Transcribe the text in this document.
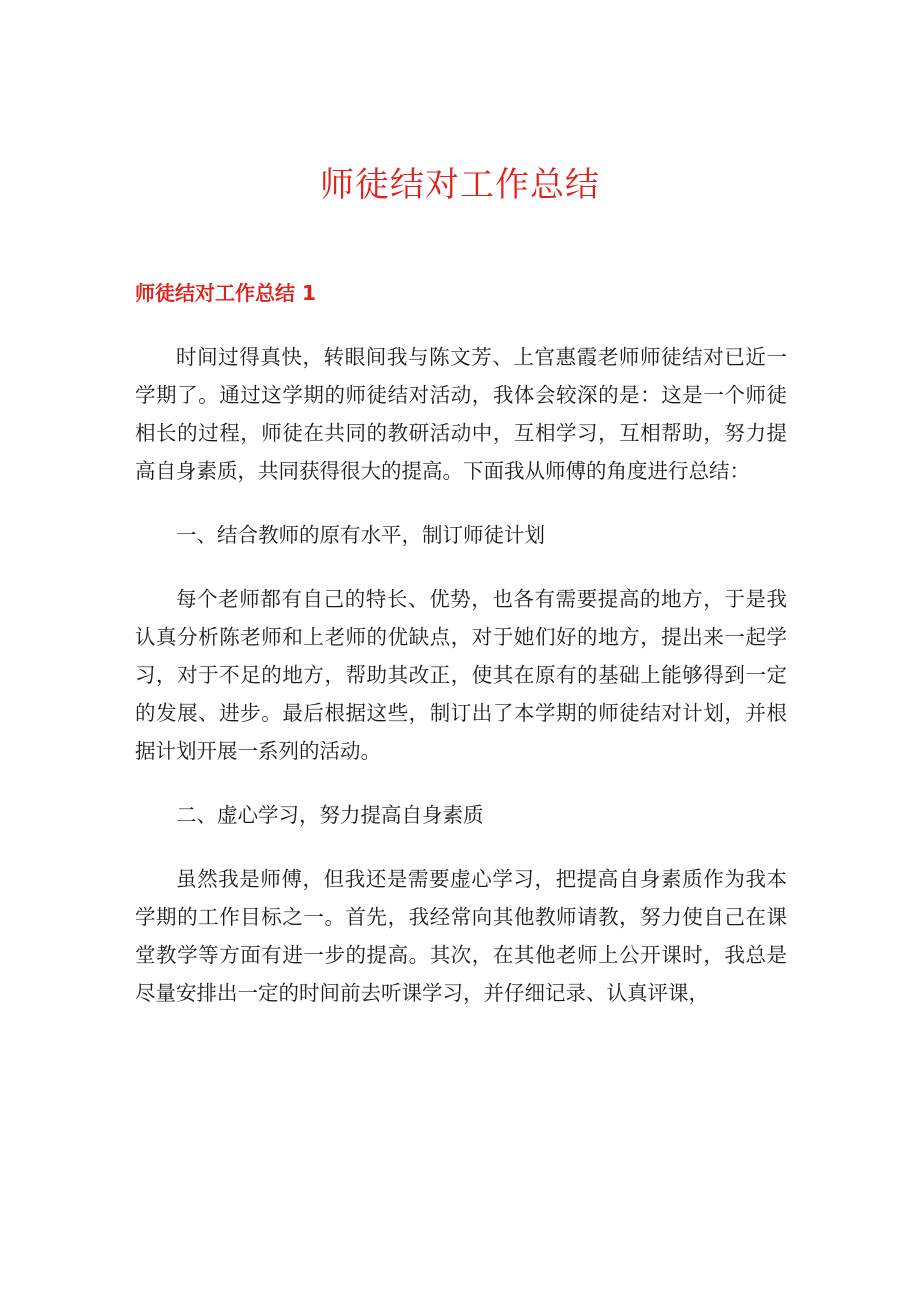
师徒结对工作总结
师徒结对工作总结 1

时间过得真快，转眼间我与陈文芳、上官惠霞老师师徒结对已近一学期了。通过这学期的师徒结对活动，我体会较深的是：这是一个师徒相长的过程，师徒在共同的教研活动中，互相学习，互相帮助，努力提高自身素质，共同获得很大的提高。下面我从师傅的角度进行总结：

一、结合教师的原有水平，制订师徒计划

每个老师都有自己的特长、优势，也各有需要提高的地方，于是我认真分析陈老师和上老师的优缺点，对于她们好的地方，提出来一起学习，对于不足的地方，帮助其改正，使其在原有的基础上能够得到一定的发展、进步。最后根据这些，制订出了本学期的师徒结对计划，并根据计划开展一系列的活动。

二、虚心学习，努力提高自身素质

虽然我是师傅，但我还是需要虚心学习，把提高自身素质作为我本学期的工作目标之一。首先，我经常向其他教师请教，努力使自己在课堂教学等方面有进一步的提高。其次，在其他老师上公开课时，我总是尽量安排出一定的时间前去听课学习，并仔细记录、认真评课，
